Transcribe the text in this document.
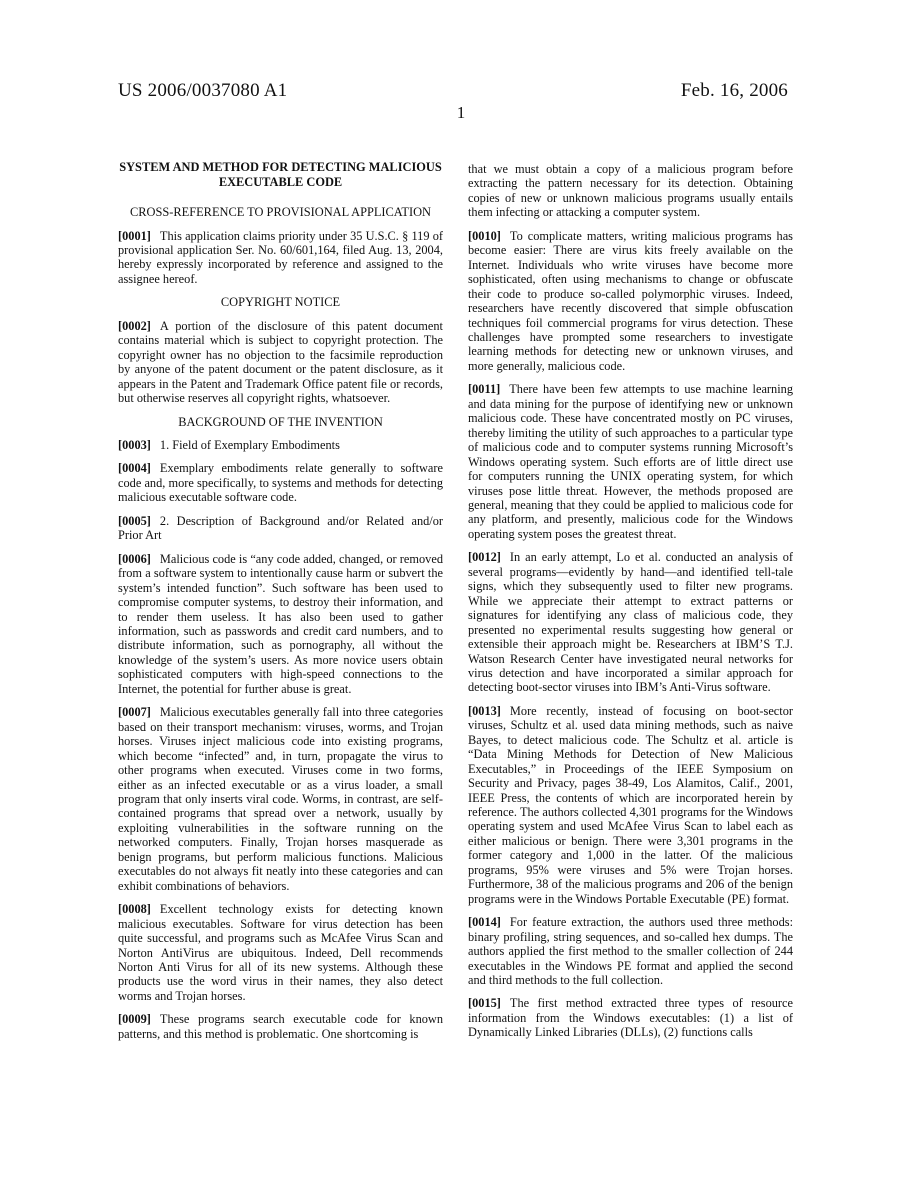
US 2006/0037080 A1	Feb. 16, 2006
1
SYSTEM AND METHOD FOR DETECTING MALICIOUS EXECUTABLE CODE
CROSS-REFERENCE TO PROVISIONAL APPLICATION

[0001] This application claims priority under 35 U.S.C. § 119 of provisional application Ser. No. 60/601,164, filed Aug. 13, 2004, hereby expressly incorporated by reference and assigned to the assignee hereof.

COPYRIGHT NOTICE

[0002] A portion of the disclosure of this patent document contains material which is subject to copyright protection. The copyright owner has no objection to the facsimile reproduction by anyone of the patent document or the patent disclosure, as it appears in the Patent and Trademark Office patent file or records, but otherwise reserves all copyright rights, whatsoever.

BACKGROUND OF THE INVENTION

[0003] 1. Field of Exemplary Embodiments

[0004] Exemplary embodiments relate generally to software code and, more specifically, to systems and methods for detecting malicious executable software code.

[0005] 2. Description of Background and/or Related and/or Prior Art

[0006] Malicious code is “any code added, changed, or removed from a software system to intentionally cause harm or subvert the system’s intended function”. Such software has been used to compromise computer systems, to destroy their information, and to render them useless. It has also been used to gather information, such as passwords and credit card numbers, and to distribute information, such as pornography, all without the knowledge of the system’s users. As more novice users obtain sophisticated computers with high-speed connections to the Internet, the potential for further abuse is great.

[0007] Malicious executables generally fall into three categories based on their transport mechanism: viruses, worms, and Trojan horses. Viruses inject malicious code into existing programs, which become “infected” and, in turn, propagate the virus to other programs when executed. Viruses come in two forms, either as an infected executable or as a virus loader, a small program that only inserts viral code. Worms, in contrast, are self-contained programs that spread over a network, usually by exploiting vulnerabilities in the software running on the networked computers. Finally, Trojan horses masquerade as benign programs, but perform malicious functions. Malicious executables do not always fit neatly into these categories and can exhibit combinations of behaviors.

[0008] Excellent technology exists for detecting known malicious executables. Software for virus detection has been quite successful, and programs such as McAfee Virus Scan and Norton AntiVirus are ubiquitous. Indeed, Dell recommends Norton Anti Virus for all of its new systems. Although these products use the word virus in their names, they also detect worms and Trojan horses.

[0009] These programs search executable code for known patterns, and this method is problematic. One shortcoming is

that we must obtain a copy of a malicious program before extracting the pattern necessary for its detection. Obtaining copies of new or unknown malicious programs usually entails them infecting or attacking a computer system.

[0010] To complicate matters, writing malicious programs has become easier: There are virus kits freely available on the Internet. Individuals who write viruses have become more sophisticated, often using mechanisms to change or obfuscate their code to produce so-called polymorphic viruses. Indeed, researchers have recently discovered that simple obfuscation techniques foil commercial programs for virus detection. These challenges have prompted some researchers to investigate learning methods for detecting new or unknown viruses, and more generally, malicious code.

[0011] There have been few attempts to use machine learning and data mining for the purpose of identifying new or unknown malicious code. These have concentrated mostly on PC viruses, thereby limiting the utility of such approaches to a particular type of malicious code and to computer systems running Microsoft’s Windows operating system. Such efforts are of little direct use for computers running the UNIX operating system, for which viruses pose little threat. However, the methods proposed are general, meaning that they could be applied to malicious code for any platform, and presently, malicious code for the Windows operating system poses the greatest threat.

[0012] In an early attempt, Lo et al. conducted an analysis of several programs—evidently by hand—and identified tell-tale signs, which they subsequently used to filter new programs. While we appreciate their attempt to extract patterns or signatures for identifying any class of malicious code, they presented no experimental results suggesting how general or extensible their approach might be. Researchers at IBM’S T.J. Watson Research Center have investigated neural networks for virus detection and have incorporated a similar approach for detecting boot-sector viruses into IBM’s Anti-Virus software.

[0013] More recently, instead of focusing on boot-sector viruses, Schultz et al. used data mining methods, such as naive Bayes, to detect malicious code. The Schultz et al. article is “Data Mining Methods for Detection of New Malicious Executables,” in Proceedings of the IEEE Symposium on Security and Privacy, pages 38-49, Los Alamitos, Calif., 2001, IEEE Press, the contents of which are incorporated herein by reference. The authors collected 4,301 programs for the Windows operating system and used McAfee Virus Scan to label each as either malicious or benign. There were 3,301 programs in the former category and 1,000 in the latter. Of the malicious programs, 95% were viruses and 5% were Trojan horses. Furthermore, 38 of the malicious programs and 206 of the benign programs were in the Windows Portable Executable (PE) format.

[0014] For feature extraction, the authors used three methods: binary profiling, string sequences, and so-called hex dumps. The authors applied the first method to the smaller collection of 244 executables in the Windows PE format and applied the second and third methods to the full collection.

[0015] The first method extracted three types of resource information from the Windows executables: (1) a list of Dynamically Linked Libraries (DLLs), (2) functions calls
